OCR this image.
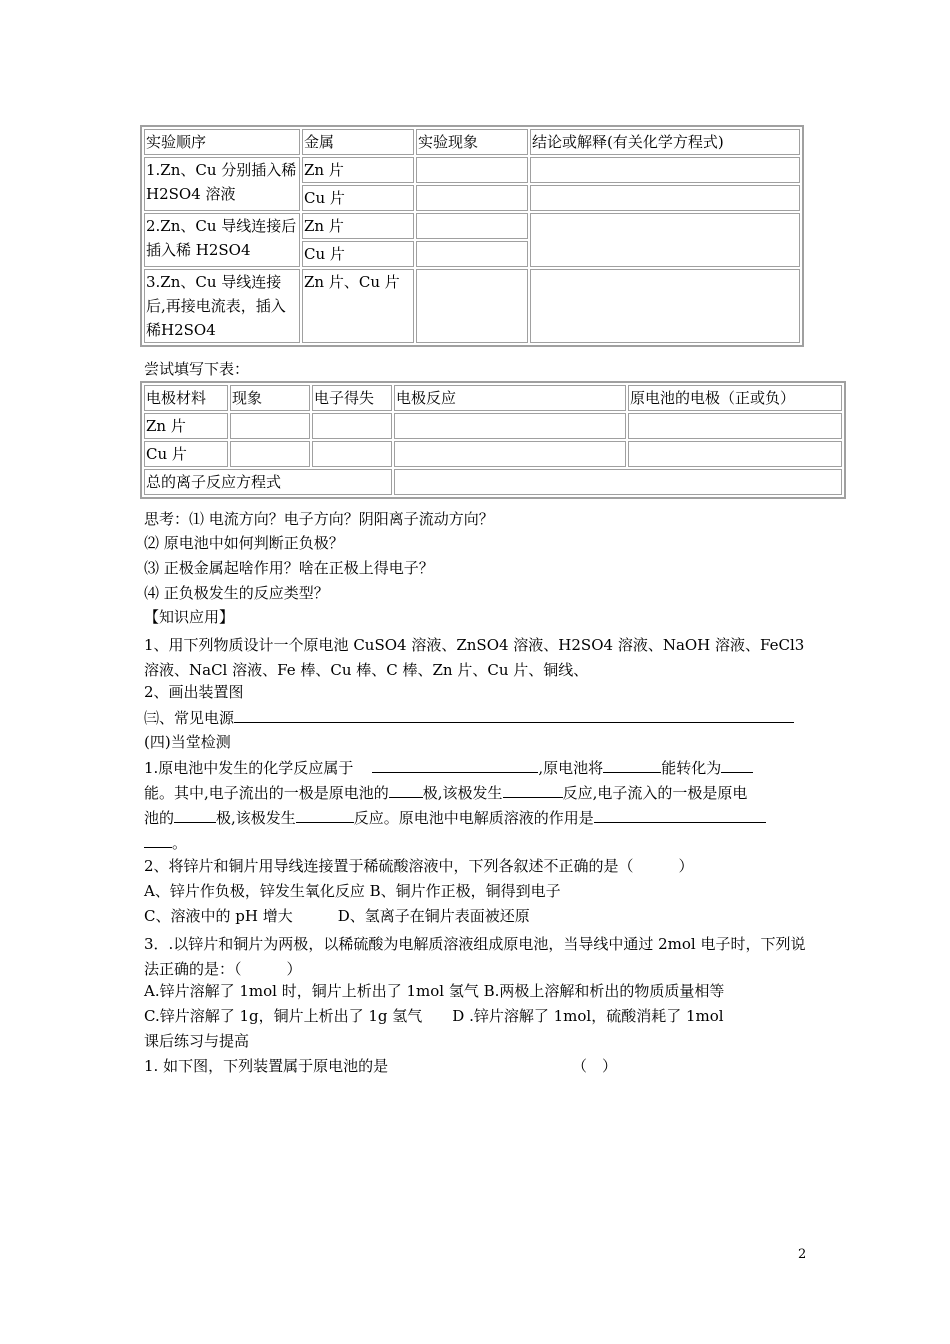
实验顺序	金属	实验现象	结论或解释(有关化学方程式)
1.Zn、Cu 分别插入稀H2SO4 溶液	Zn 片		
	Cu 片		
2.Zn、Cu 导线连接后插入稀 H2SO4	Zn 片		
	Cu 片		
3.Zn、Cu 导线连接后,再接电流表，插入稀H2SO4	Zn 片、Cu 片		
尝试填写下表：
电极材料	现象	电子得失	电极反应	原电池的电极（正或负）
Zn 片				
Cu 片				
总的离子反应方程式				
思考：⑴ 电流方向？电子方向？阴阳离子流动方向？
⑵ 原电池中如何判断正负极？
⑶ 正极金属起啥作用？啥在正极上得电子？
⑷ 正负极发生的反应类型？
【知识应用】
1、用下列物质设计一个原电池 CuSO4 溶液、ZnSO4 溶液、H2SO4 溶液、NaOH 溶液、FeCl3 溶液、NaCl 溶液、Fe 棒、Cu 棒、C 棒、Zn 片、Cu 片、铜线、
2、画出装置图
㈢、常见电源
(四)当堂检测
1.原电池中发生的化学反应属于	,原电池将	能转化为
能。其中,电子流出的一极是原电池的 极,该极发生	反应,电子流入的一极是原电
池的	极,该极发生	反应。原电池中电解质溶液的作用是
。
2、将锌片和铜片用导线连接置于稀硫酸溶液中，下列各叙述不正确的是（　　　）
A、锌片作负极，锌发生氧化反应 B、铜片作正极，铜得到电子
C、溶液中的 pH 增大　　　D、氢离子在铜片表面被还原
3．.以锌片和铜片为两极，以稀硫酸为电解质溶液组成原电池，当导线中通过 2mol 电子时，下列说法正确的是：（　　　）
A.锌片溶解了 1mol 时，铜片上析出了 1mol 氢气 B.两极上溶解和析出的物质质量相等
C.锌片溶解了 1g，铜片上析出了 1g 氢气　　D .锌片溶解了 1mol，硫酸消耗了 1mol
课后练习与提高
1. 如下图，下列装置属于原电池的是	（　）
2
